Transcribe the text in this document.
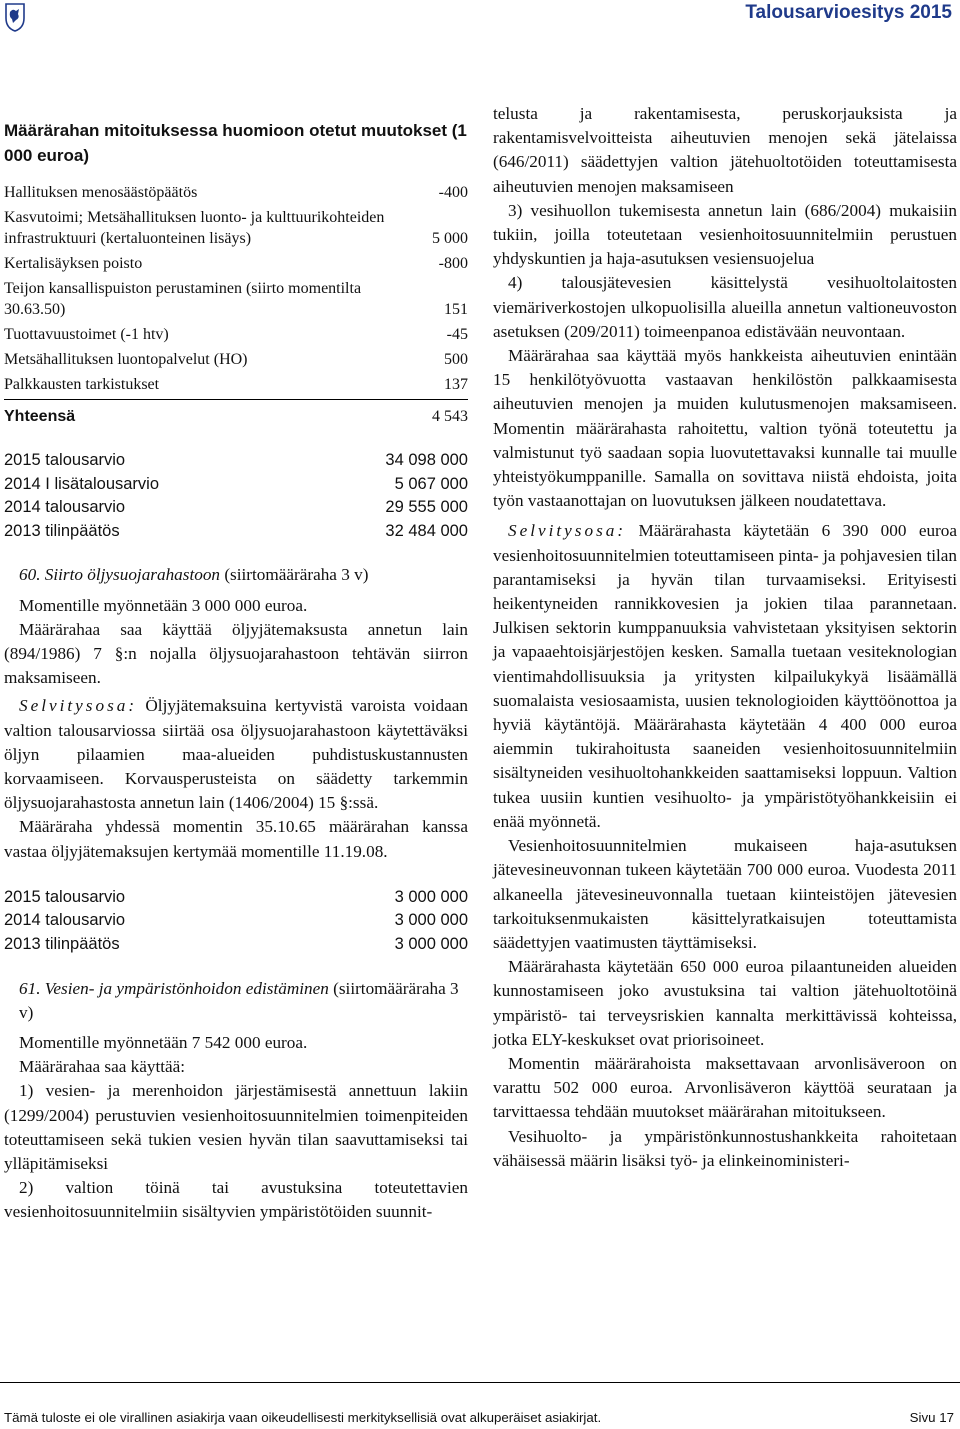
Talousarvioesitys 2015
Määrärahan mitoituksessa huomioon otetut muutokset (1 000 euroa)
Hallituksen menosäästöpäätös	-400
Kasvutoimi; Metsähallituksen luonto- ja kulttuurikohteiden infrastruktuuri (kertaluonteinen lisäys)	5 000
Kertalisäyksen poisto	-800
Teijon kansallispuiston perustaminen (siirto momentilta 30.63.50)	151
Tuottavuustoimet (-1 htv)	-45
Metsähallituksen luontopalvelut (HO)	500
Palkkausten tarkistukset	137
Yhteensä	4 543
2015 talousarvio	34 098 000
2014 I lisätalousarvio	5 067 000
2014 talousarvio	29 555 000
2013 tilinpäätös	32 484 000

60. Siirto öljysuojarahastoon (siirtomääräraha 3 v)

Momentille myönnetään 3 000 000 euroa.

Määrärahaa saa käyttää öljyjätemaksusta annetun lain (894/1986) 7 §:n nojalla öljysuojarahastoon tehtävän siirron maksamiseen.

Selvitysosa: Öljyjätemaksuina kertyvistä varoista voidaan valtion talousarviossa siirtää osa öljysuojarahastoon käytettäväksi öljyn pilaamien maa-alueiden puhdistuskustannusten korvaamiseen. Korvausperusteista on säädetty tarkemmin öljysuojarahastosta annetun lain (1406/2004) 15 §:ssä.

Määräraha yhdessä momentin 35.10.65 määrärahan kanssa vastaa öljyjätemaksujen kertymää momentille 11.19.08.

2015 talousarvio	3 000 000
2014 talousarvio	3 000 000
2013 tilinpäätös	3 000 000

61. Vesien- ja ympäristönhoidon edistäminen (siirtomääräraha 3 v)

Momentille myönnetään 7 542 000 euroa.

Määrärahaa saa käyttää:

1) vesien- ja merenhoidon järjestämisestä annettuun lakiin (1299/2004) perustuvien vesienhoitosuunnitelmien toimenpiteiden toteuttamiseen sekä tukien vesien hyvän tilan saavuttamiseksi tai ylläpitämiseksi

2) valtion töinä tai avustuksina toteutettavien vesienhoitosuunnitelmiin sisältyvien ympäristötöiden suunnit-

telusta ja rakentamisesta, peruskorjauksista ja rakentamisvelvoitteista aiheutuvien menojen sekä jätelaissa (646/2011) säädettyjen valtion jätehuoltotöiden toteuttamisesta aiheutuvien menojen maksamiseen

3) vesihuollon tukemisesta annetun lain (686/2004) mukaisiin tukiin, joilla toteutetaan vesienhoitosuunnitelmiin perustuen yhdyskuntien ja haja-asutuksen vesiensuojelua

4) talousjätevesien käsittelystä vesihuoltolaitosten viemäriverkostojen ulkopuolisilla alueilla annetun valtioneuvoston asetuksen (209/2011) toimeenpanoa edistävään neuvontaan.

Määrärahaa saa käyttää myös hankkeista aiheutuvien enintään 15 henkilötyövuotta vastaavan henkilöstön palkkaamisesta aiheutuvien menojen ja muiden kulutusmenojen maksamiseen. Momentin määrärahasta rahoitettu, valtion työnä toteutettu ja valmistunut työ saadaan sopia luovutettavaksi kunnalle tai muulle yhteistyökumppanille. Samalla on sovittava niistä ehdoista, joita työn vastaanottajan on luovutuksen jälkeen noudatettava.

Selvitysosa: Määrärahasta käytetään 6 390 000 euroa vesienhoitosuunnitelmien toteuttamiseen pinta- ja pohjavesien tilan parantamiseksi ja hyvän tilan turvaamiseksi. Erityisesti heikentyneiden rannikkovesien ja jokien tilaa parannetaan. Julkisen sektorin kumppanuuksia vahvistetaan yksityisen sektorin ja vapaaehtoisjärjestöjen kesken. Samalla tuetaan vesiteknologian vientimahdollisuuksia ja yritysten kilpailukykyä lisäämällä suomalaista vesiosaamista, uusien teknologioiden käyttöönottoa ja hyviä käytäntöjä. Määrärahasta käytetään 4 400 000 euroa aiemmin tukirahoitusta saaneiden vesienhoitosuunnitelmiin sisältyneiden vesihuoltohankkeiden saattamiseksi loppuun. Valtion tukea uusiin kuntien vesihuolto- ja ympäristötyöhankkeisiin ei enää myönnetä.

Vesienhoitosuunnitelmien mukaiseen haja-asutuksen jätevesineuvonnan tukeen käytetään 700 000 euroa. Vuodesta 2011 alkaneella jätevesineuvonnalla tuetaan kiinteistöjen jätevesien tarkoituksenmukaisten käsittelyratkaisujen toteuttamista säädettyjen vaatimusten täyttämiseksi.

Määrärahasta käytetään 650 000 euroa pilaantuneiden alueiden kunnostamiseen joko avustuksina tai valtion jätehuoltotöinä ympäristö- tai terveysriskien kannalta merkittävissä kohteissa, jotka ELY-keskukset ovat priorisoineet.

Momentin määrärahoista maksettavaan arvonlisäveroon on varattu 502 000 euroa. Arvonlisäveron käyttöä seurataan ja tarvittaessa tehdään muutokset määrärahan mitoitukseen.

Vesihuolto- ja ympäristönkunnostushankkeita rahoitetaan vähäisessä määrin lisäksi työ- ja elinkeinoministeri-

Tämä tuloste ei ole virallinen asiakirja vaan oikeudellisesti merkityksellisiä ovat alkuperäiset asiakirjat.	Sivu 17
